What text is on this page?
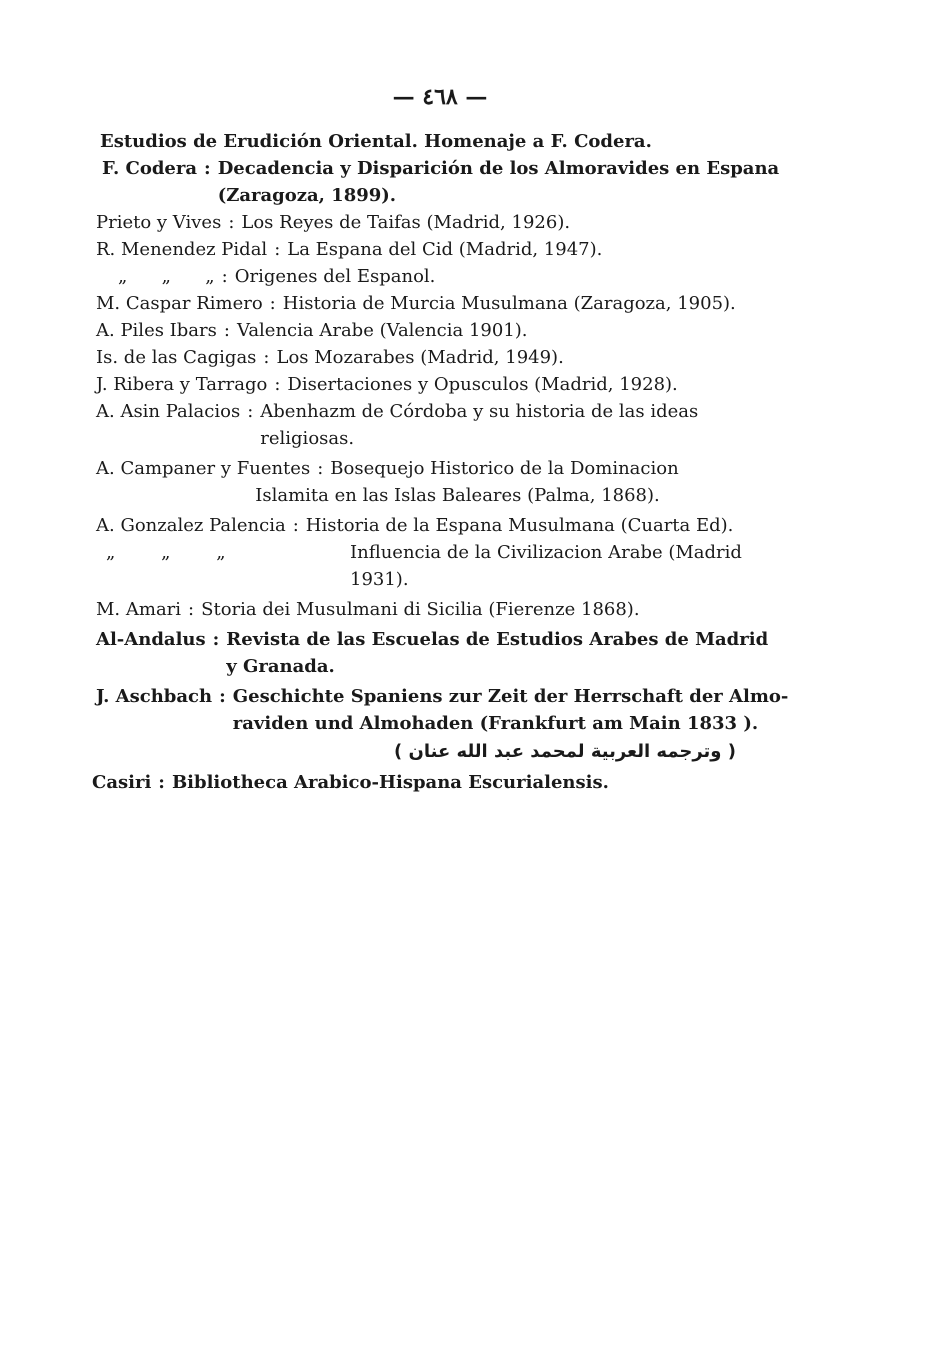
— ٤٦٨ —
Estudios de Erudición Oriental. Homenaje a F. Codera.
F. Codera : Decadencia y Disparición de los Almoravides en Espana
(Zaragoza, 1899).
Prieto y Vives : Los Reyes de Taifas (Madrid, 1926).
R. Menendez Pidal : La Espana del Cid (Madrid, 1947).
„      „      „ : Origenes del Espanol.
M. Caspar Rimero : Historia de Murcia Musulmana (Zaragoza, 1905).
A. Piles Ibars : Valencia Arabe (Valencia 1901).
Is. de las Cagigas : Los Mozarabes (Madrid, 1949).
J. Ribera y Tarrago : Disertaciones y Opusculos (Madrid, 1928).
A. Asin Palacios : Abenhazm de Córdoba y su historia de las ideas
religiosas.
A. Campaner y Fuentes : Bosequejo Historico de la Dominacion
Islamita en las Islas Baleares (Palma, 1868).
A. Gonzalez Palencia : Historia de la Espana Musulmana (Cuarta Ed).
„        „        „	Influencia de la Civilizacion Arabe (Madrid
1931).
M. Amari : Storia dei Musulmani di Sicilia (Fierenze 1868).
Al-Andalus : Revista de las Escuelas de Estudios Arabes de Madrid
y Granada.
J. Aschbach : Geschichte Spaniens zur Zeit der Herrschaft der Almo-
raviden und Almohaden (Frankfurt am Main 1833 ).
( وترجمه العربية لمحمد عبد الله عنان )
Casiri : Bibliotheca Arabico-Hispana Escurialensis.
